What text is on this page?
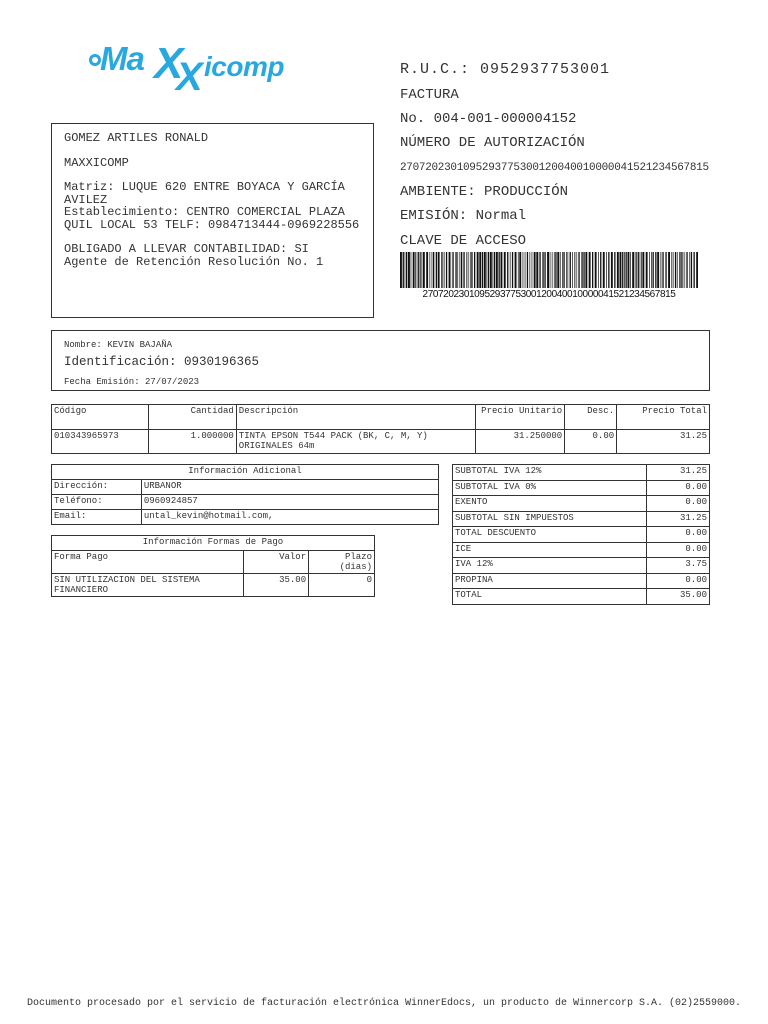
Ma X
X icomp	R.U.C.: 0952937753001
FACTURA
No. 004-001-000004152
NÚMERO DE AUTORIZACIÓN
2707202301095293775300120040010000041521234567815
AMBIENTE: PRODUCCIÓN
EMISIÓN: Normal
CLAVE DE ACCESO
2707202301095293775300120040010000041521234567815

GOMEZ ARTILES RONALD

MAXXICOMP

Matriz: LUQUE 620 ENTRE BOYACA Y GARCÍA AVILEZ

Establecimiento: CENTRO COMERCIAL PLAZA QUIL LOCAL 53 TELF: 0984713444-0969228556

OBLIGADO A LLEVAR CONTABILIDAD: SI

Agente de Retención Resolución No. 1

Nombre: KEVIN BAJAÑA
Identificación: 0930196365
Fecha Emisión: 27/07/2023
Código	Cantidad	Descripción	Precio Unitario	Desc.	Precio Total
010343965973	1.000000	TINTA EPSON T544 PACK (BK, C, M, Y) ORIGINALES 64m	31.250000	0.00	31.25
Información Adicional	
Dirección:	URBANOR
Teléfono:	0960924857
Email:	untal_kevin@hotmail.com,
Información Formas de Pago		
Forma Pago	Valor	Plazo (dias)
SIN UTILIZACION DEL SISTEMA FINANCIERO	35.00	0
SUBTOTAL IVA 12%	31.25
SUBTOTAL IVA 0%	0.00
EXENTO	0.00
SUBTOTAL SIN IMPUESTOS	31.25
TOTAL DESCUENTO	0.00
ICE	0.00
IVA 12%	3.75
PROPINA	0.00
TOTAL	35.00
Documento procesado por el servicio de facturación electrónica WinnerEdocs, un producto de Winnercorp S.A. (02)2559000.
